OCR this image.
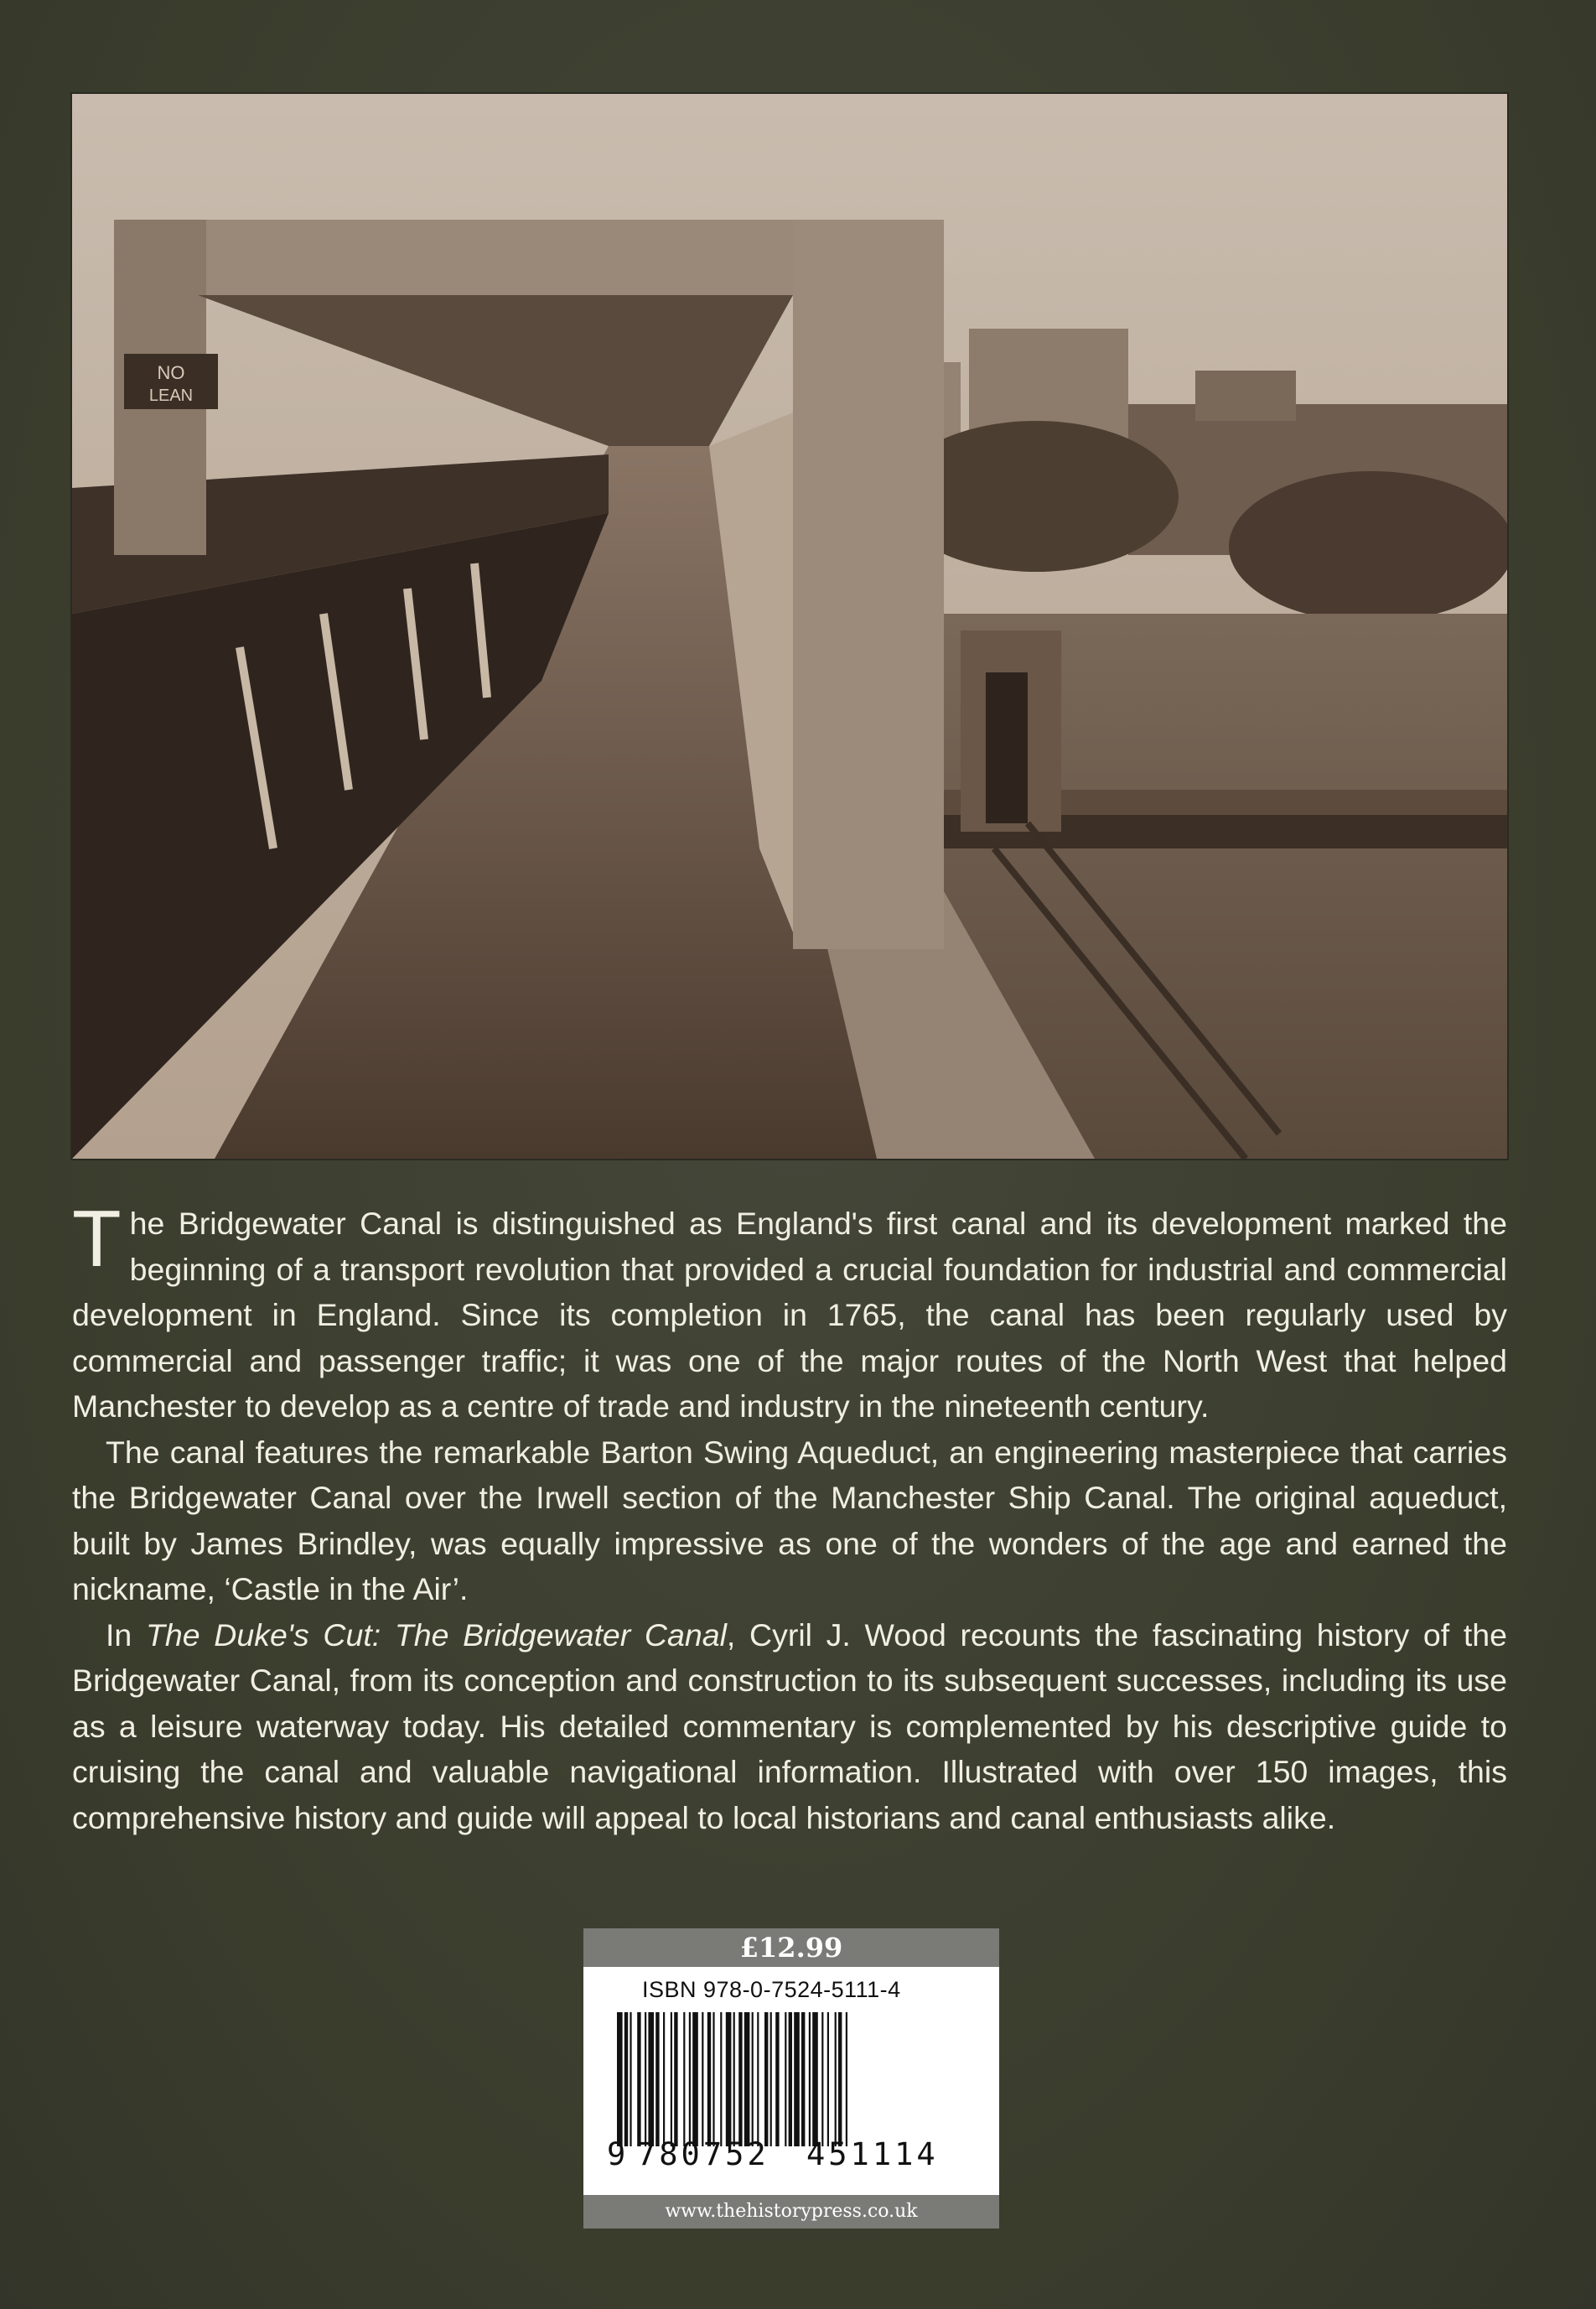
NO
LEAN

The Bridgewater Canal is distinguished as England's first canal and its development marked the beginning of a transport revolution that provided a crucial foundation for industrial and commercial development in England. Since its completion in 1765, the canal has been regularly used by commercial and passenger traffic; it was one of the major routes of the North West that helped Manchester to develop as a centre of trade and industry in the nineteenth century.

The canal features the remarkable Barton Swing Aqueduct, an engineering masterpiece that carries the Bridgewater Canal over the Irwell section of the Manchester Ship Canal. The original aqueduct, built by James Brindley, was equally impressive as one of the wonders of the age and earned the nickname, ‘Castle in the Air’.

In The Duke's Cut: The Bridgewater Canal, Cyril J. Wood recounts the fascinating history of the Bridgewater Canal, from its conception and construction to its subsequent successes, including its use as a leisure waterway today. His detailed commentary is complemented by his descriptive guide to cruising the canal and valuable navigational information. Illustrated with over 150 images, this comprehensive history and guide will appeal to local historians and canal enthusiasts alike.

£12.99
ISBN 978-0-7524-5111-4
9 780752 451114
www.thehistorypress.co.uk
